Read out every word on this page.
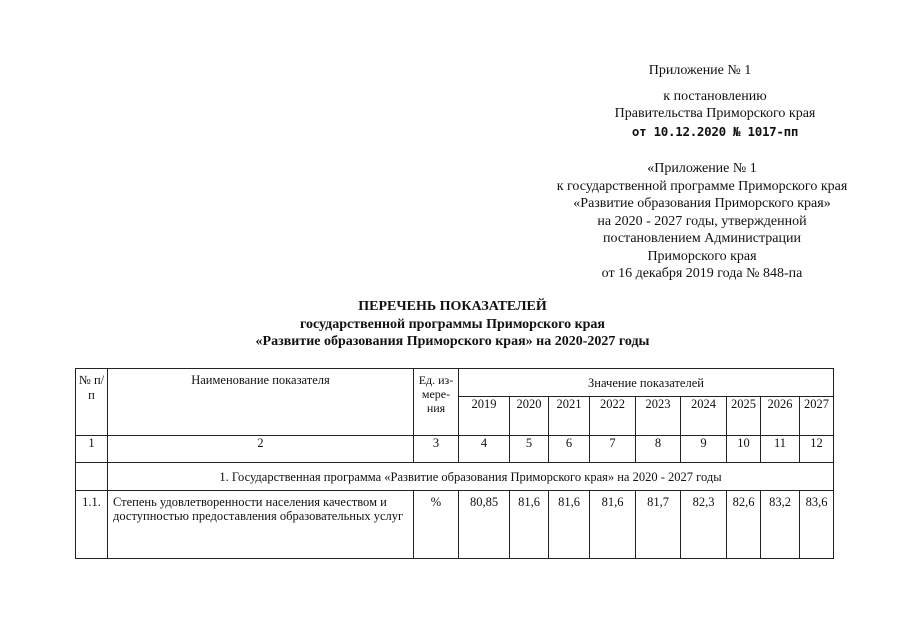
Приложение № 1
к постановлению
Правительства Приморского края
от 10.12.2020 № 1017-пп
«Приложение № 1
к государственной программе Приморского края
«Развитие образования Приморского края»
на 2020 - 2027 годы, утвержденной
постановлением Администрации
Приморского края
от 16 декабря 2019 года № 848-па
ПЕРЕЧЕНЬ ПОКАЗАТЕЛЕЙ
государственной программы Приморского края
«Развитие образования Приморского края» на 2020-2027 годы
№ п/п	Наименование показателя	Ед. из- мере- ния	Значение показателей								
			2019	2020	2021	2022	2023	2024	2025	2026	2027
1	2	3	4	5	6	7	8	9	10	11	12
	1. Государственная программа «Развитие образования Приморского края» на 2020 - 2027 годы										
1.1.	Степень удовлетворенности населения качеством и доступностью предоставления образовательных услуг	%	80,85	81,6	81,6	81,6	81,7	82,3	82,6	83,2	83,6
